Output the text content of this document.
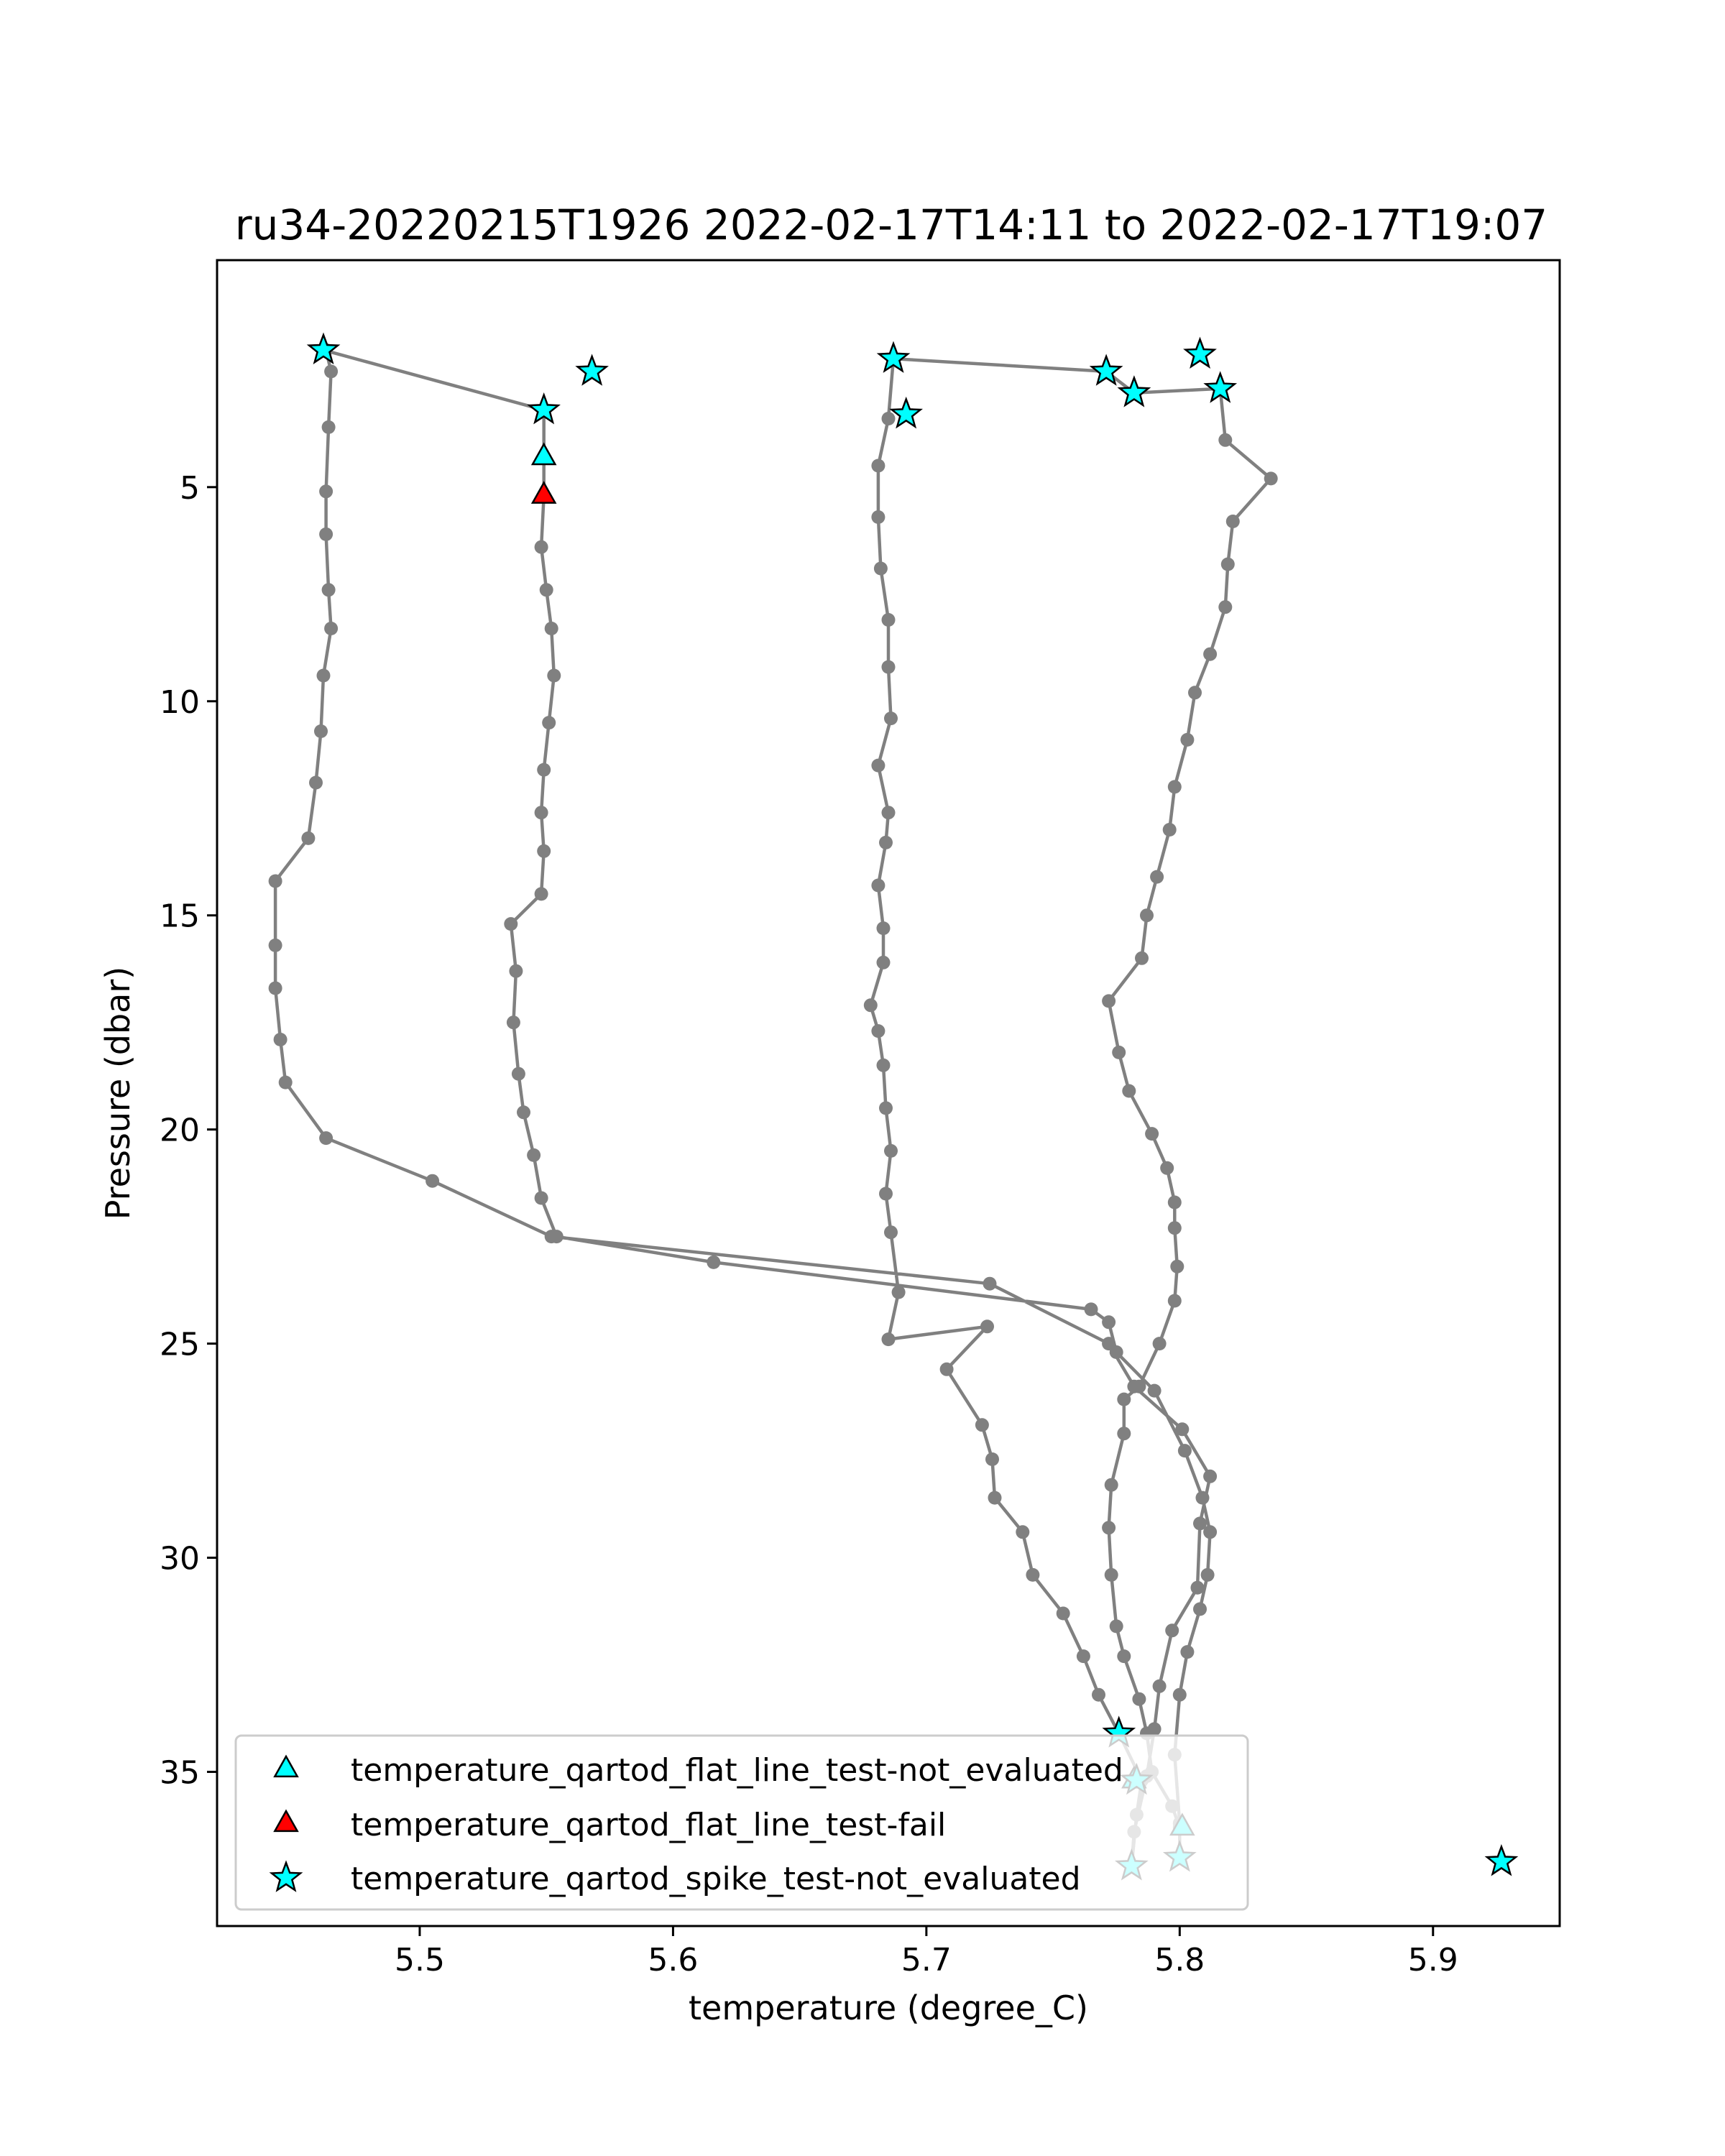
ru34-20220215T1926 2022-02-17T14:11 to 2022-02-17T19:07
5.5	5.6	5.7	5.8	5.9
5
10
15
20
25
30
35
temperature (degree_C)
Pressure (dbar)
temperature_qartod_flat_line_test-not_evaluated
temperature_qartod_flat_line_test-fail
temperature_qartod_spike_test-not_evaluated
